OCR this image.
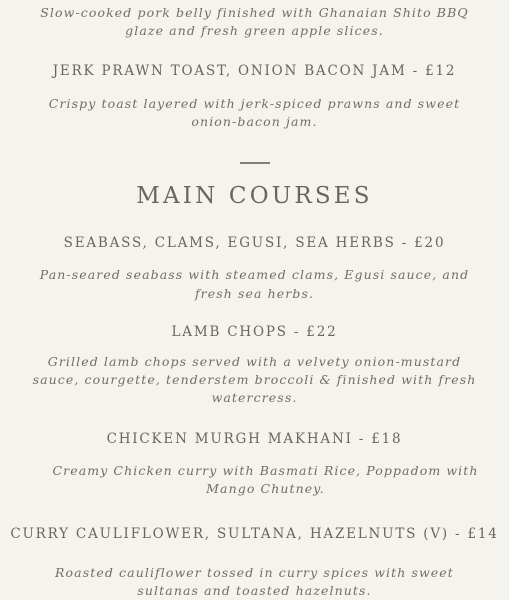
Slow-cooked pork belly finished with Ghanaian Shito BBQ

glaze and fresh green apple slices.

JERK PRAWN TOAST, ONION BACON JAM - £12

Crispy toast layered with jerk-spiced prawns and sweet

onion-bacon jam.

MAIN COURSES

SEABASS, CLAMS, EGUSI, SEA HERBS - £20

Pan-seared seabass with steamed clams, Egusi sauce, and

fresh sea herbs.

LAMB CHOPS - £22

Grilled lamb chops served with a velvety onion-mustard

sauce, courgette, tenderstem broccoli & finished with fresh

watercress.

CHICKEN MURGH MAKHANI - £18

Creamy Chicken curry with Basmati Rice, Poppadom with

Mango Chutney.

CURRY CAULIFLOWER, SULTANA, HAZELNUTS (V) - £14

Roasted cauliflower tossed in curry spices with sweet

sultanas and toasted hazelnuts.
